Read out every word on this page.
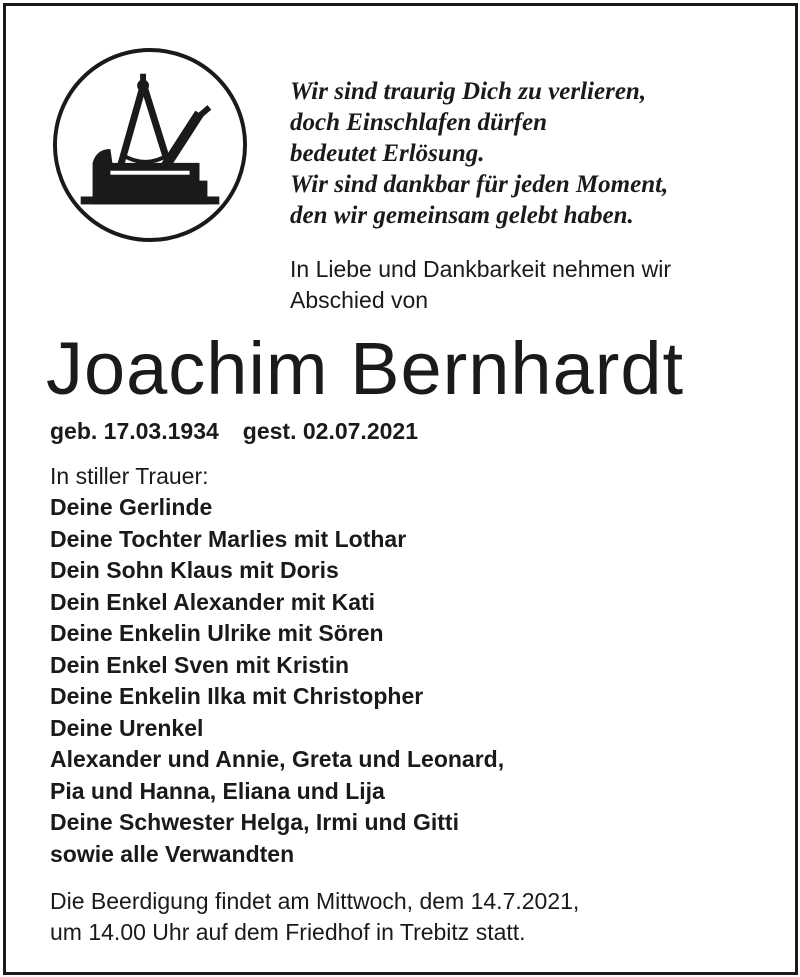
Wir sind traurig Dich zu verlieren,
doch Einschlafen dürfen
bedeutet Erlösung.
Wir sind dankbar für jeden Moment,
den wir gemeinsam gelebt haben.
In Liebe und Dankbarkeit nehmen wir
Abschied von
Joachim Bernhardt
geb. 17.03.1934 gest. 02.07.2021
In stiller Trauer:
Deine Gerlinde
Deine Tochter Marlies mit Lothar
Dein Sohn Klaus mit Doris
Dein Enkel Alexander mit Kati
Deine Enkelin Ulrike mit Sören
Dein Enkel Sven mit Kristin
Deine Enkelin Ilka mit Christopher
Deine Urenkel
Alexander und Annie, Greta und Leonard,
Pia und Hanna, Eliana und Lija
Deine Schwester Helga, Irmi und Gitti
sowie alle Verwandten
Die Beerdigung findet am Mittwoch, dem 14.7.2021,
um 14.00 Uhr auf dem Friedhof in Trebitz statt.
